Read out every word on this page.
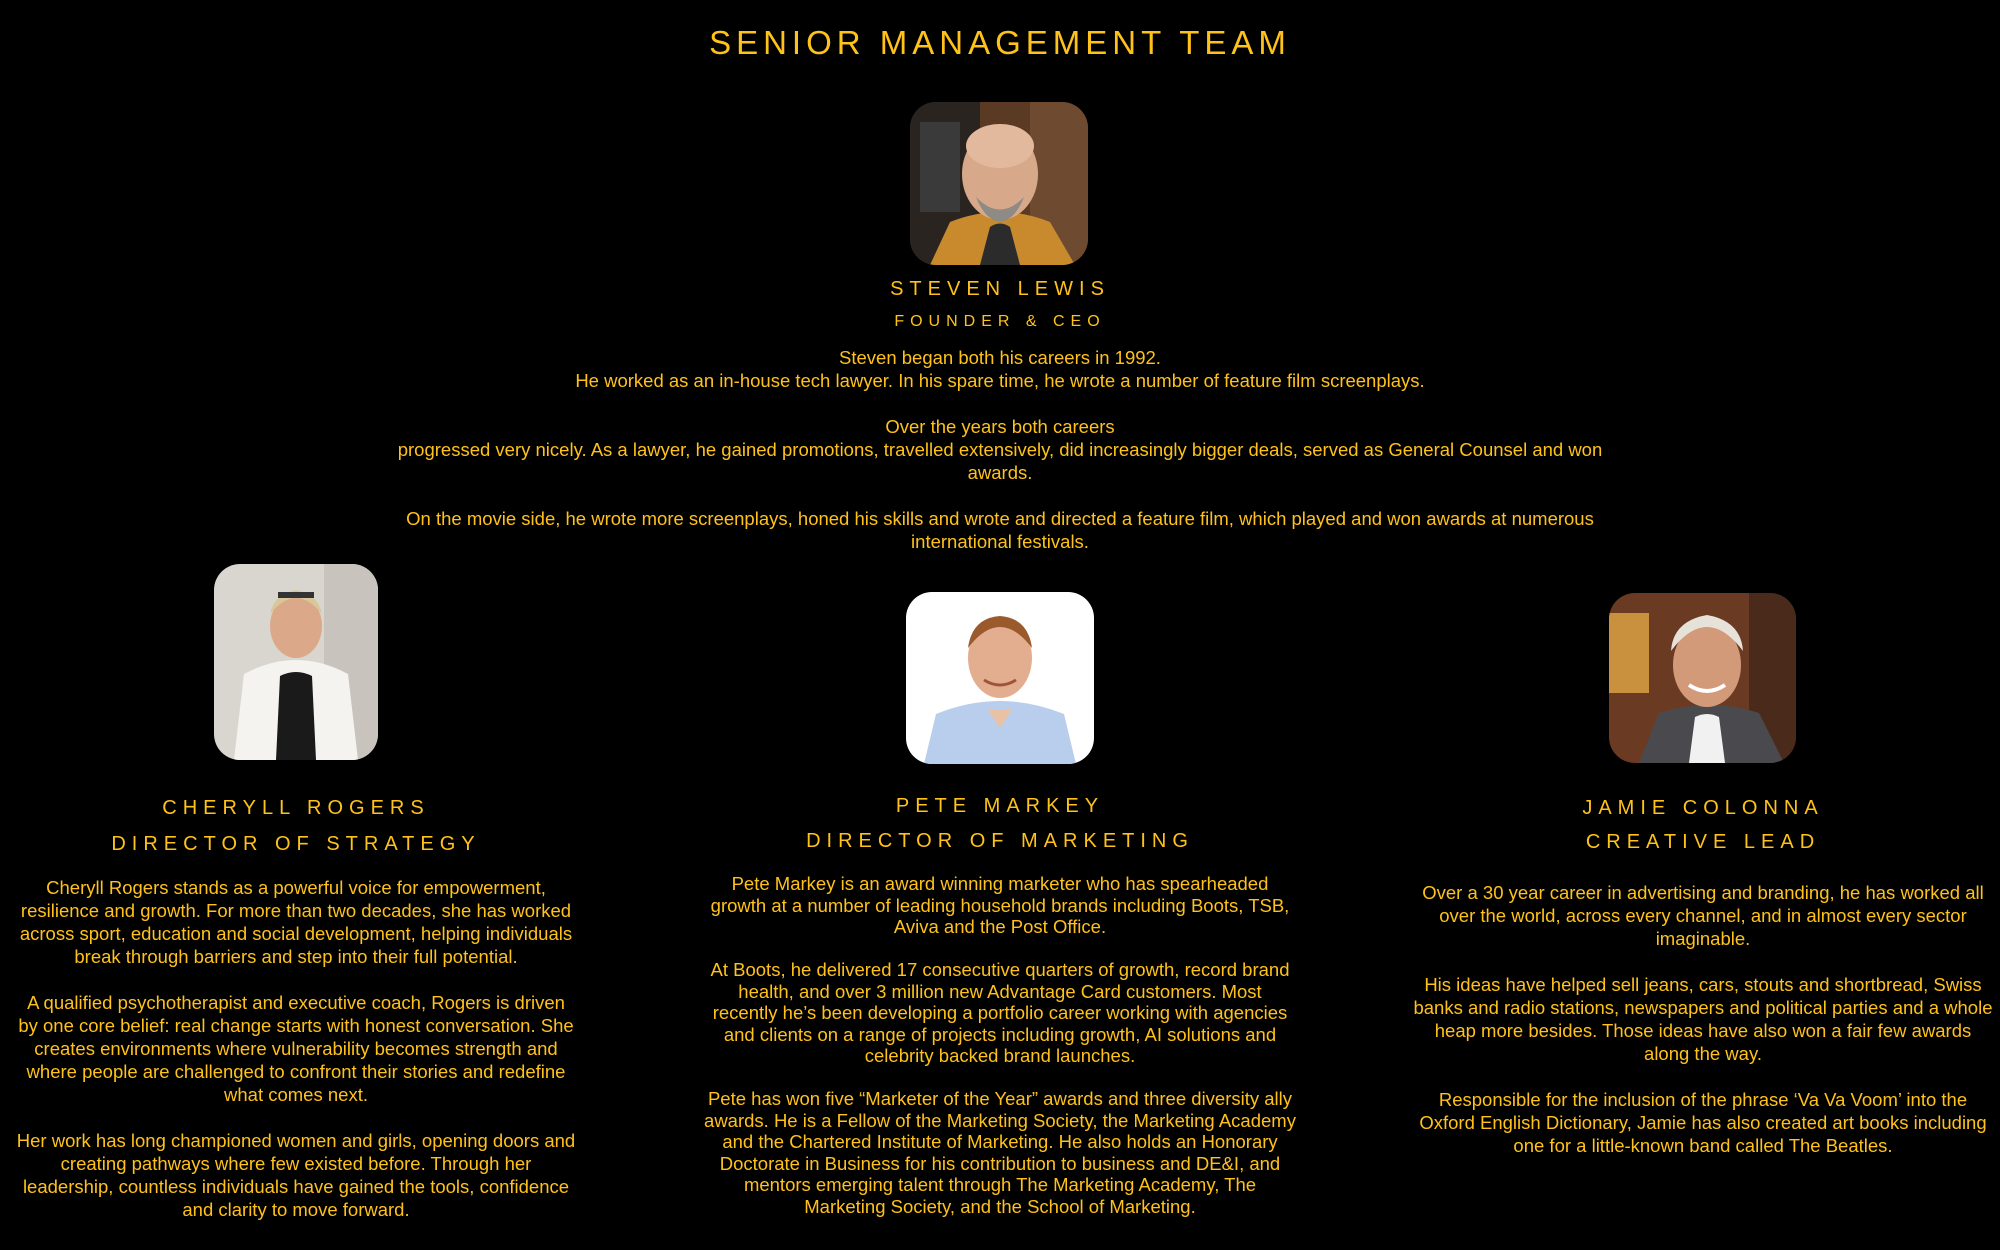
SENIOR MANAGEMENT TEAM
STEVEN LEWIS
FOUNDER & CEO

Steven began both his careers in 1992.
He worked as an in-house tech lawyer. In his spare time, he wrote a number of feature film screenplays.

Over the years both careers
progressed very nicely. As a lawyer, he gained promotions, travelled extensively, did increasingly bigger deals, served as General Counsel and won awards.

On the movie side, he wrote more screenplays, honed his skills and wrote and directed a feature film, which played and won awards at numerous international festivals.

CHERYLL ROGERS
DIRECTOR OF STRATEGY

Cheryll Rogers stands as a powerful voice for empowerment, resilience and growth. For more than two decades, she has worked across sport, education and social development, helping individuals break through barriers and step into their full potential.

A qualified psychotherapist and executive coach, Rogers is driven by one core belief: real change starts with honest conversation. She creates environments where vulnerability becomes strength and where people are challenged to confront their stories and redefine what comes next.

Her work has long championed women and girls, opening doors and creating pathways where few existed before. Through her leadership, countless individuals have gained the tools, confidence and clarity to move forward.

PETE MARKEY
DIRECTOR OF MARKETING

Pete Markey is an award winning marketer who has spearheaded growth at a number of leading household brands including Boots, TSB, Aviva and the Post Office.

At Boots, he delivered 17 consecutive quarters of growth, record brand health, and over 3 million new Advantage Card customers. Most recently he’s been developing a portfolio career working with agencies and clients on a range of projects including growth, AI solutions and celebrity backed brand launches.

Pete has won five “Marketer of the Year” awards and three diversity ally awards. He is a Fellow of the Marketing Society, the Marketing Academy and the Chartered Institute of Marketing. He also holds an Honorary Doctorate in Business for his contribution to business and DE&I, and mentors emerging talent through The Marketing Academy, The Marketing Society, and the School of Marketing.

JAMIE COLONNA
CREATIVE LEAD

Over a 30 year career in advertising and branding, he has worked all over the world, across every channel, and in almost every sector imaginable.

His ideas have helped sell jeans, cars, stouts and shortbread, Swiss banks and radio stations, newspapers and political parties and a whole heap more besides. Those ideas have also won a fair few awards along the way.

Responsible for the inclusion of the phrase ‘Va Va Voom’ into the Oxford English Dictionary, Jamie has also created art books including one for a little-known band called The Beatles.
